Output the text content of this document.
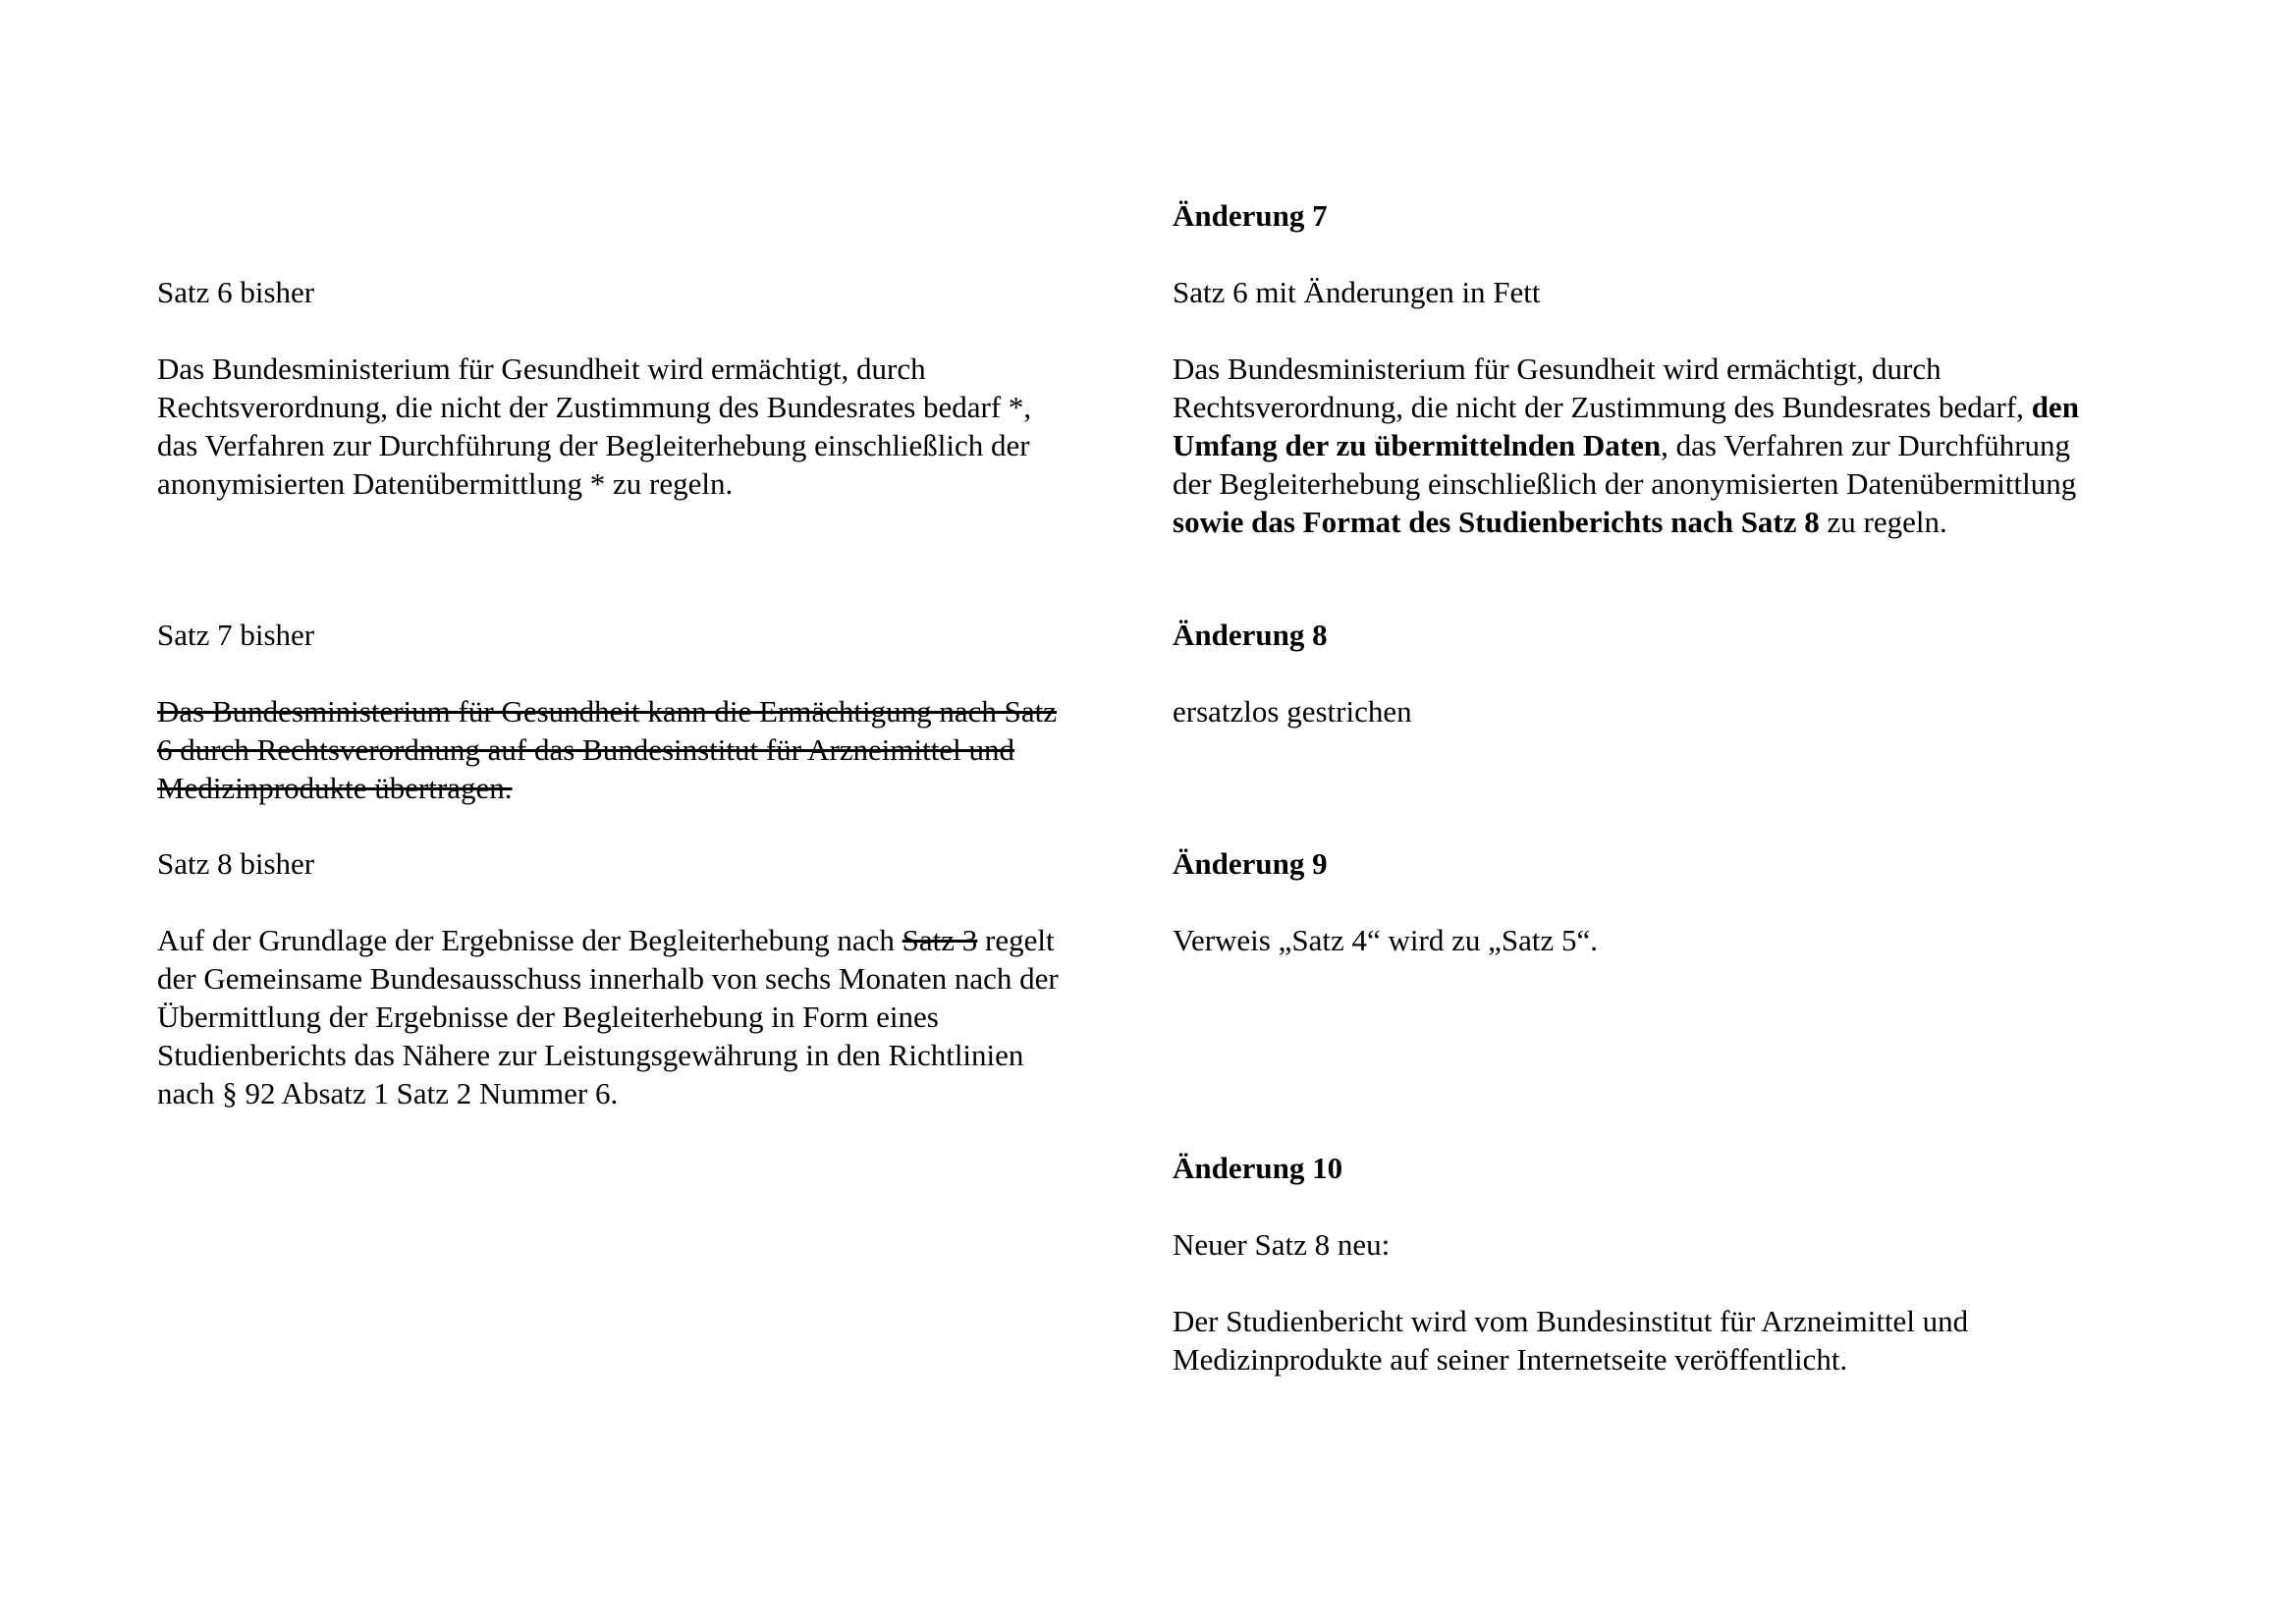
Satz 6 bisher

Das Bundesministerium für Gesundheit wird ermächtigt, durch
Rechtsverordnung, die nicht der Zustimmung des Bundesrates bedarf *,
das Verfahren zur Durchführung der Begleiterhebung einschließlich der
anonymisierten Datenübermittlung * zu regeln.

Satz 7 bisher

Das Bundesministerium für Gesundheit kann die Ermächtigung nach Satz
6 durch Rechtsverordnung auf das Bundesinstitut für Arzneimittel und
Medizinprodukte übertragen.

Satz 8 bisher

Auf der Grundlage der Ergebnisse der Begleiterhebung nach Satz 3 regelt
der Gemeinsame Bundesausschuss innerhalb von sechs Monaten nach der
Übermittlung der Ergebnisse der Begleiterhebung in Form eines
Studienberichts das Nähere zur Leistungsgewährung in den Richtlinien
nach § 92 Absatz 1 Satz 2 Nummer 6.

Änderung 7

Satz 6 mit Änderungen in Fett

Das Bundesministerium für Gesundheit wird ermächtigt, durch
Rechtsverordnung, die nicht der Zustimmung des Bundesrates bedarf, den
Umfang der zu übermittelnden Daten, das Verfahren zur Durchführung
der Begleiterhebung einschließlich der anonymisierten Datenübermittlung
sowie das Format des Studienberichts nach Satz 8 zu regeln.

Änderung 8

ersatzlos gestrichen

Änderung 9

Verweis „Satz 4“ wird zu „Satz 5“.

Änderung 10

Neuer Satz 8 neu:

Der Studienbericht wird vom Bundesinstitut für Arzneimittel und
Medizinprodukte auf seiner Internetseite veröffentlicht.
